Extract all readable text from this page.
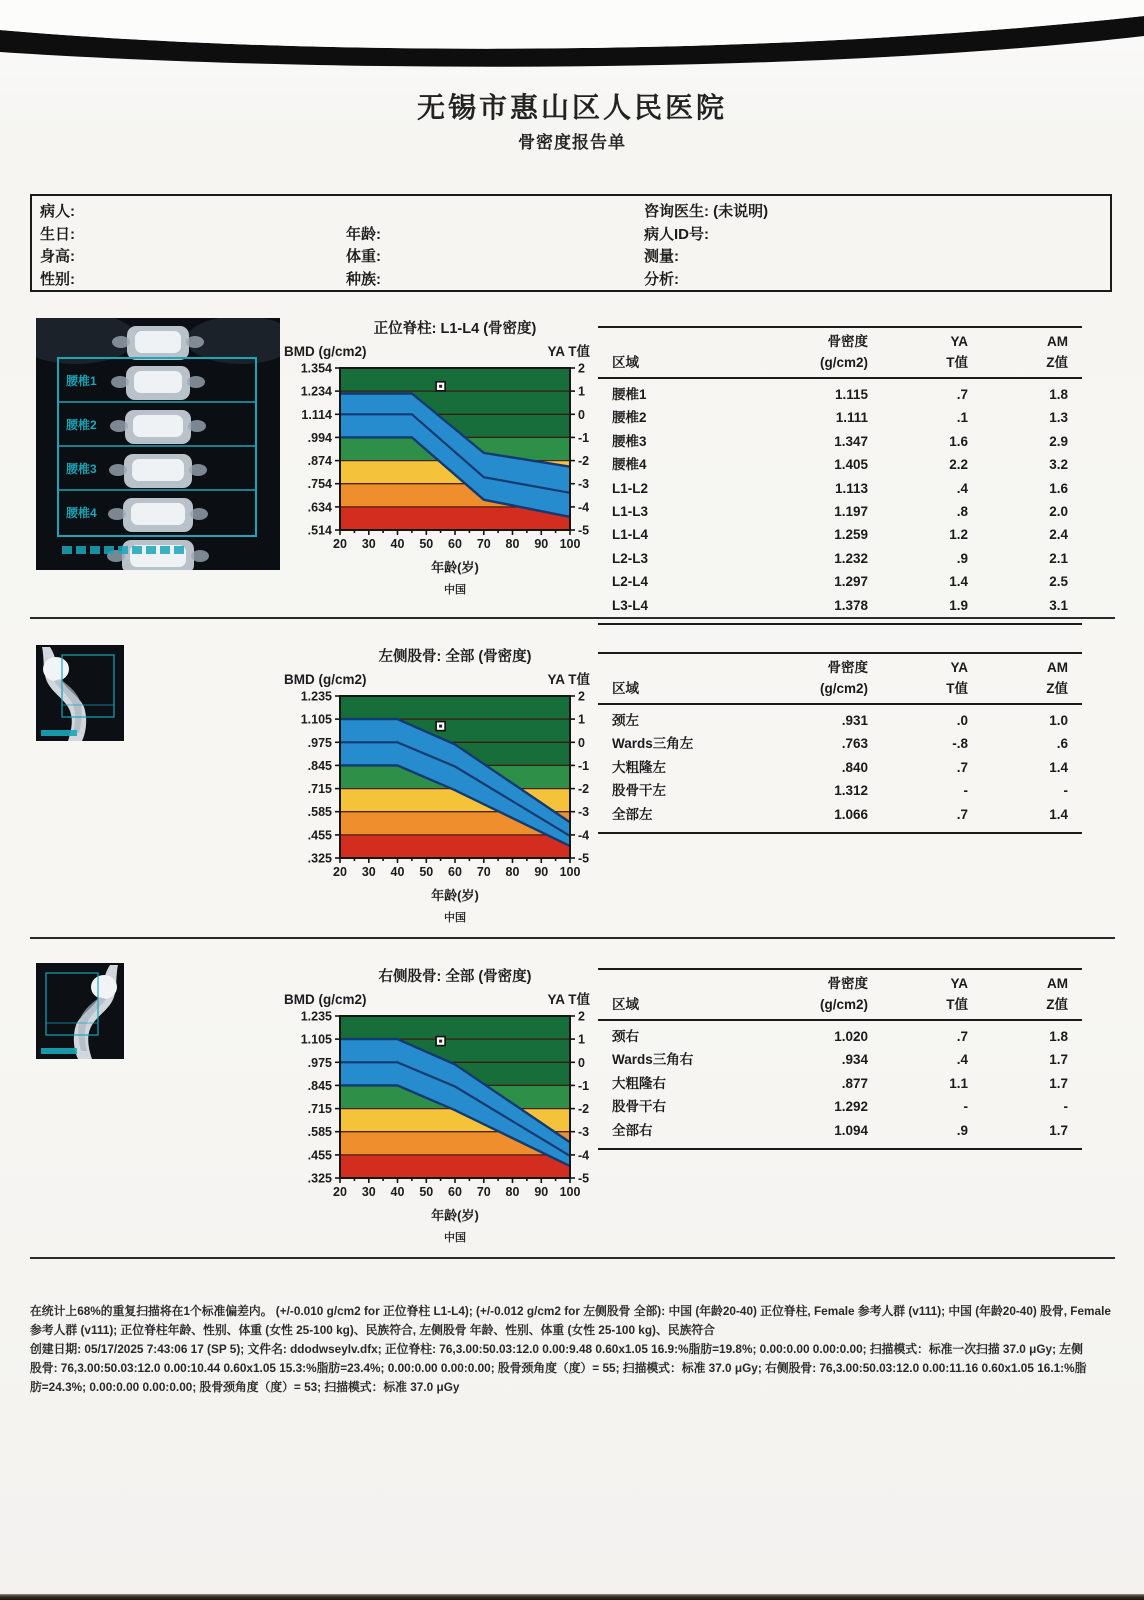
无锡市惠山区人民医院
骨密度报告单
病人:	咨询医生: (未说明)
生日:	年龄:	病人ID号:
身高:	体重:	测量:
性别:	种族:	分析:
腰椎1
腰椎2
腰椎3
腰椎4
20 30 40 50 60 70 80 90 100
1.354
1.234
1.114
.994
.874
.754
.634
.514
2
1
0
-1
-2
-3
-4
-5
正位脊柱: L1-L4 (骨密度)
BMD (g/cm2)	YA T值
年龄(岁)
中国
骨密度	YA	AM
区域	(g/cm2)	T值	Z值
腰椎1	1.115	.7	1.8
腰椎2	1.111	.1	1.3
腰椎3	1.347	1.6	2.9
腰椎4	1.405	2.2	3.2
L1-L2	1.113	.4	1.6
L1-L3	1.197	.8	2.0
L1-L4	1.259	1.2	2.4
L2-L3	1.232	.9	2.1
L2-L4	1.297	1.4	2.5
L3-L4	1.378	1.9	3.1
20 30 40 50 60 70 80 90 100
1.235
1.105
.975
.845
.715
.585
.455
.325
2
1
0
-1
-2
-3
-4
-5
左侧股骨: 全部 (骨密度)
BMD (g/cm2)	YA T值
年龄(岁)
中国
骨密度	YA	AM
区域	(g/cm2)	T值	Z值
颈左	.931	.0	1.0
Wards三角左	.763	-.8	.6
大粗隆左	.840	.7	1.4
股骨干左	1.312	-	-
全部左	1.066	.7	1.4
20 30 40 50 60 70 80 90 100
1.235
1.105
.975
.845
.715
.585
.455
.325
2
1
0
-1
-2
-3
-4
-5
右侧股骨: 全部 (骨密度)
BMD (g/cm2)	YA T值
年龄(岁)
中国
骨密度	YA	AM
区域	(g/cm2)	T值	Z值
颈右	1.020	.7	1.8
Wards三角右	.934	.4	1.7
大粗隆右	.877	1.1	1.7
股骨干右	1.292	-	-
全部右	1.094	.9	1.7
在统计上68%的重复扫描将在1个标准偏差内。 (+/-0.010 g/cm2 for 正位脊柱 L1-L4); (+/-0.012 g/cm2 for 左侧股骨 全部): 中国 (年龄20-40) 正位脊柱, Female 参考人群 (v111); 中国 (年龄20-40) 股骨, Female
参考人群 (v111); 正位脊柱年龄、性别、体重 (女性 25-100 kg)、民族符合, 左侧股骨 年龄、性别、体重 (女性 25-100 kg)、民族符合
创建日期: 05/17/2025 7:43:06 17 (SP 5); 文件名: ddodwseylv.dfx; 正位脊柱: 76,3.00:50.03:12.0 0.00:9.48 0.60x1.05 16.9:%脂肪=19.8%; 0.00:0.00 0.00:0.00; 扫描模式：标准一次扫描 37.0 μGy; 左侧
股骨: 76,3.00:50.03:12.0 0.00:10.44 0.60x1.05 15.3:%脂肪=23.4%; 0.00:0.00 0.00:0.00; 股骨颈角度（度）= 55; 扫描模式：标准 37.0 μGy; 右侧股骨: 76,3.00:50.03:12.0 0.00:11.16 0.60x1.05 16.1:%脂
肪=24.3%; 0.00:0.00 0.00:0.00; 股骨颈角度（度）= 53; 扫描模式：标准 37.0 μGy
